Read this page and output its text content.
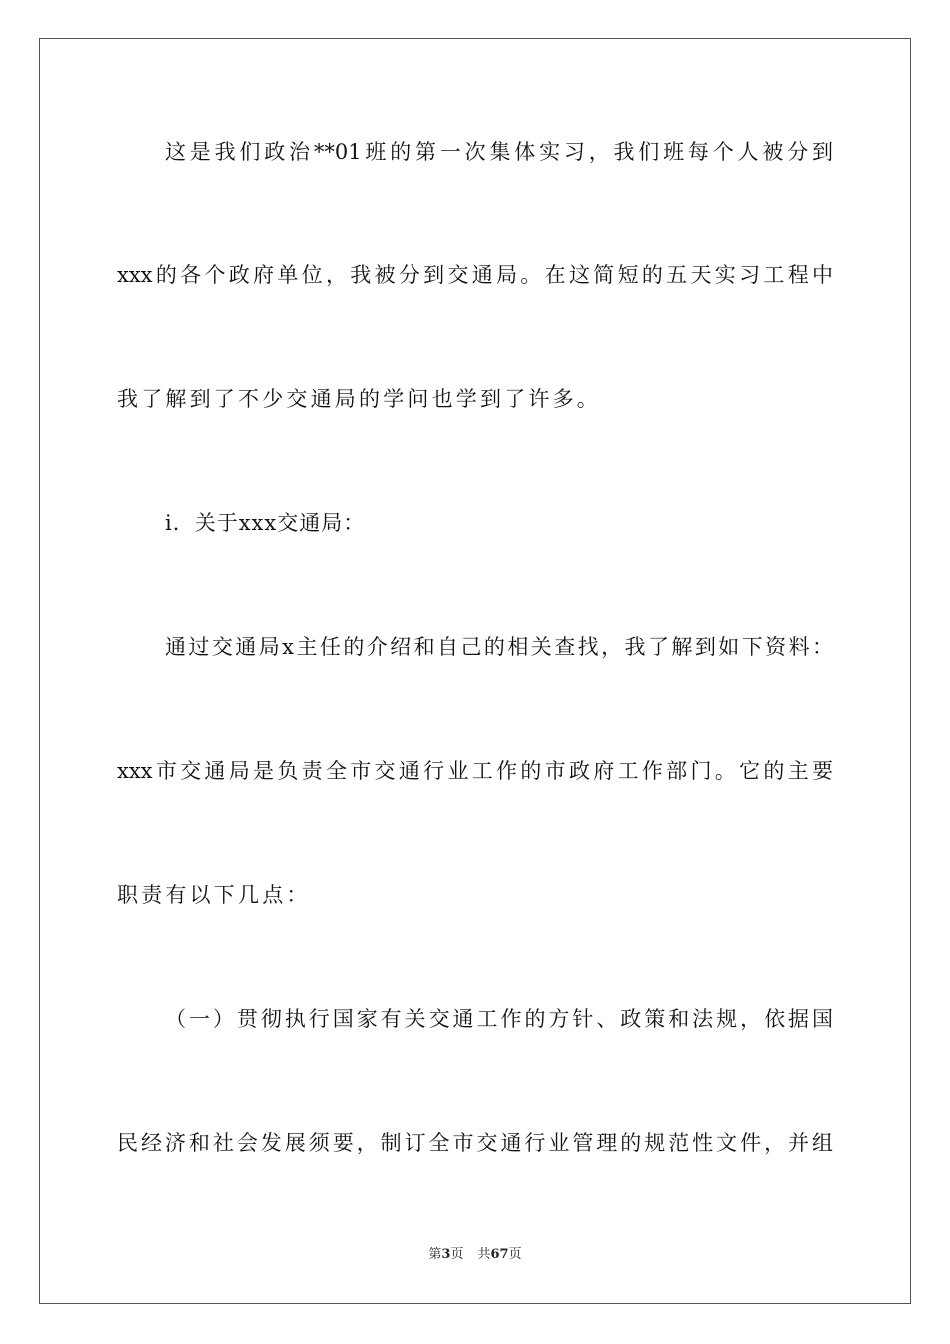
这是我们政治**01班的第一次集体实习，我们班每个人被分到
xxx的各个政府单位，我被分到交通局。在这简短的五天实习工程中
我了解到了不少交通局的学问也学到了许多。
ⅰ．关于xxx交通局：
通过交通局x主任的介绍和自己的相关查找，我了解到如下资料：
xxx市交通局是负责全市交通行业工作的市政府工作部门。它的主要
职责有以下几点：
（一）贯彻执行国家有关交通工作的方针、政策和法规，依据国
民经济和社会发展须要，制订全市交通行业管理的规范性文件，并组
第3页 共67页
